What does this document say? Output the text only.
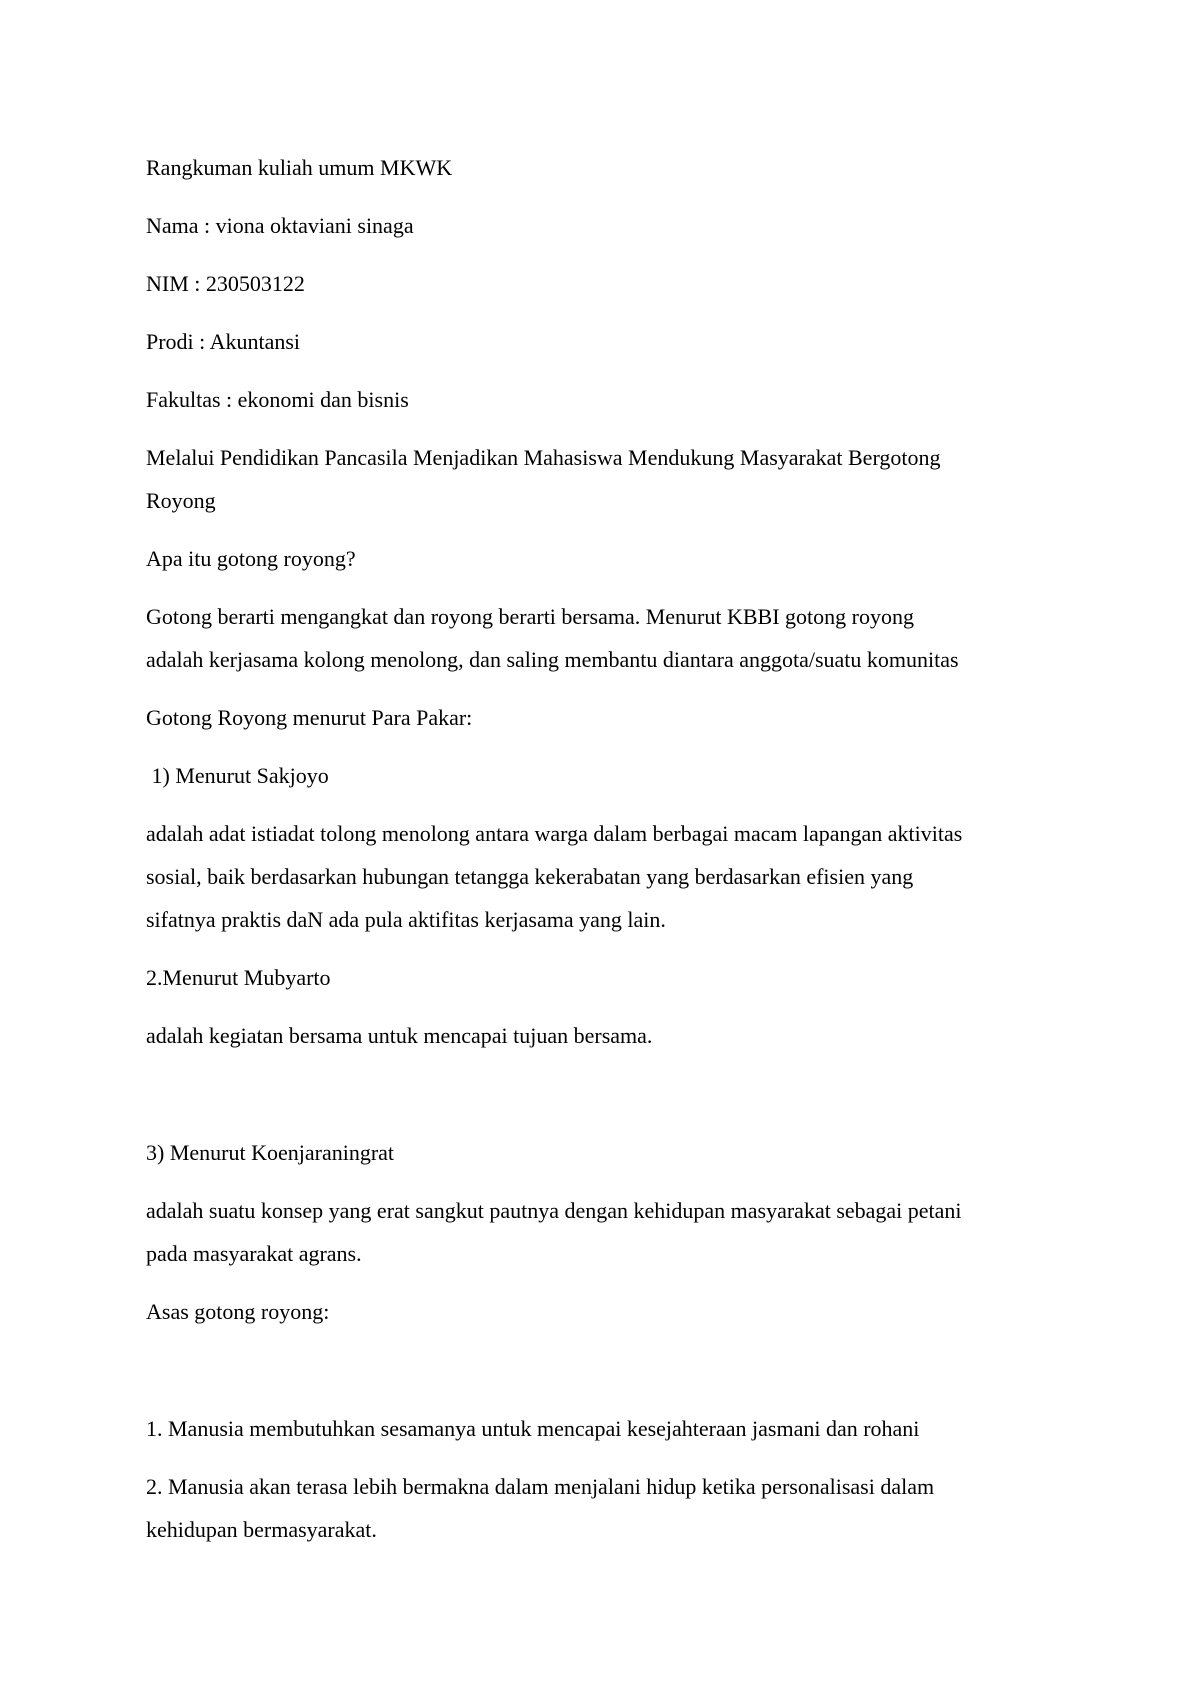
Rangkuman kuliah umum MKWK
Nama : viona oktaviani sinaga
NIM : 230503122
Prodi : Akuntansi
Fakultas : ekonomi dan bisnis
Melalui Pendidikan Pancasila Menjadikan Mahasiswa Mendukung Masyarakat Bergotong
Royong
Apa itu gotong royong?
Gotong berarti mengangkat dan royong berarti bersama. Menurut KBBI gotong royong
adalah kerjasama kolong menolong, dan saling membantu diantara anggota/suatu komunitas
Gotong Royong menurut Para Pakar:
1) Menurut Sakjoyo
adalah adat istiadat tolong menolong antara warga dalam berbagai macam lapangan aktivitas
sosial, baik berdasarkan hubungan tetangga kekerabatan yang berdasarkan efisien yang
sifatnya praktis daN ada pula aktifitas kerjasama yang lain.
2.Menurut Mubyarto
adalah kegiatan bersama untuk mencapai tujuan bersama.
3) Menurut Koenjaraningrat
adalah suatu konsep yang erat sangkut pautnya dengan kehidupan masyarakat sebagai petani
pada masyarakat agrans.
Asas gotong royong:
1. Manusia membutuhkan sesamanya untuk mencapai kesejahteraan jasmani dan rohani
2. Manusia akan terasa lebih bermakna dalam menjalani hidup ketika personalisasi dalam
kehidupan bermasyarakat.
